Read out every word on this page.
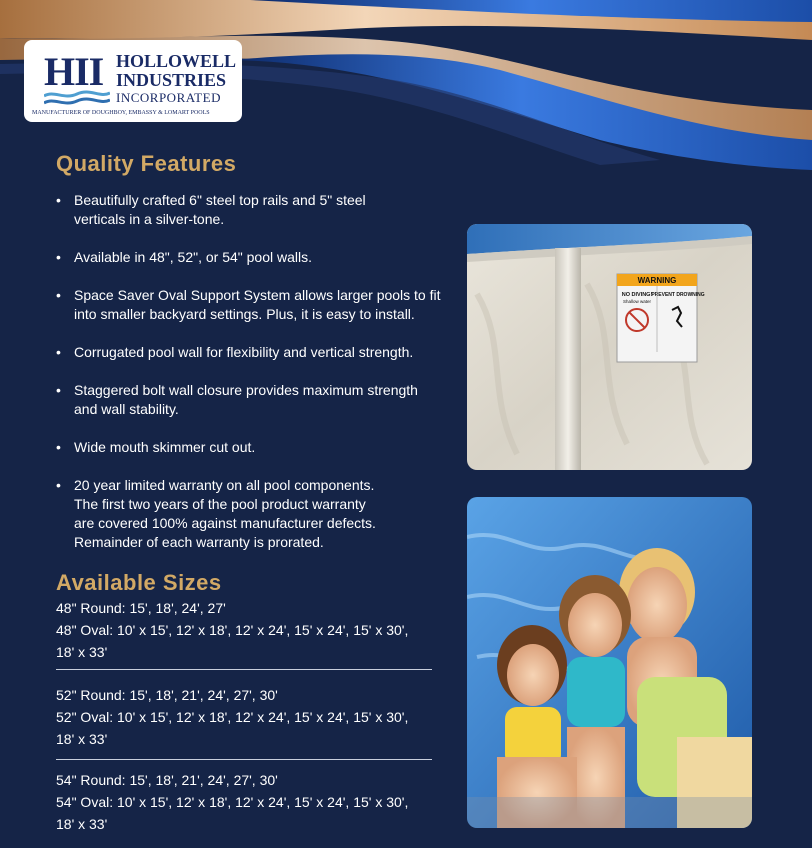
HII HOLLOWELL
INDUSTRIES
INCORPORATED
MANUFACTURER OF DOUGHBOY, EMBASSY & LOMART POOLS
Quality Features
• Beautifully crafted 6" steel top rails and 5" steel
verticals in a silver-tone.
• Available in 48", 52", or 54" pool walls.
• Space Saver Oval Support System allows larger pools to fit
into smaller backyard settings. Plus, it is easy to install.
• Corrugated pool wall for flexibility and vertical strength.
• Staggered bolt wall closure provides maximum strength
and wall stability.
• Wide mouth skimmer cut out.
• 20 year limited warranty on all pool components.
The first two years of the pool product warranty
are covered 100% against manufacturer defects.
Remainder of each warranty is prorated.
Available Sizes

48" Round: 15', 18', 24', 27'

48" Oval: 10' x 15', 12' x 18', 12' x 24', 15' x 24', 15' x 30',
18' x 33'

52" Round: 15', 18', 21', 24', 27', 30'

52" Oval: 10' x 15', 12' x 18', 12' x 24', 15' x 24', 15' x 30',
18' x 33'

54" Round: 15', 18', 21', 24', 27', 30'

54" Oval: 10' x 15', 12' x 18', 12' x 24', 15' x 24', 15' x 30',
18' x 33'

WARNING
NO DIVING!
Shallow water
PREVENT DROWNING
